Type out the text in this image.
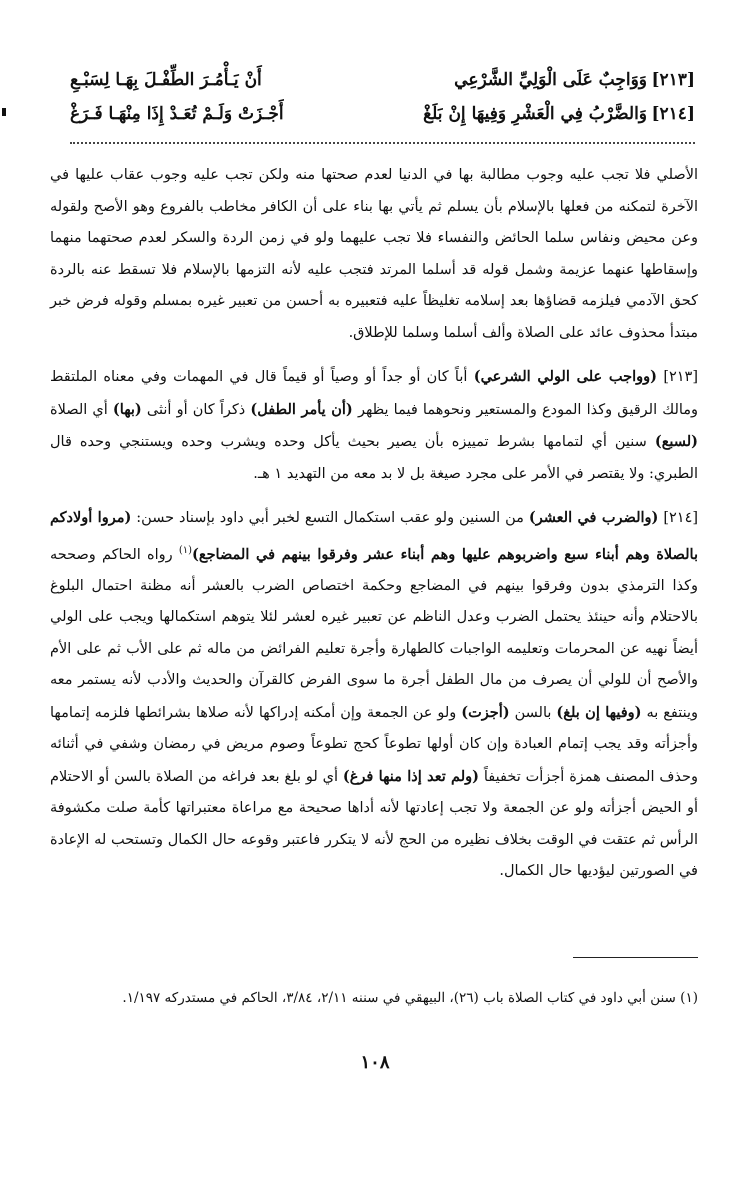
[٢١٣]
وَوَاجِبٌ عَلَى الْوَلِيِّ الشَّرْعِي
أَنْ يَـأْمُـرَ الطِّفْـلَ بِهَـا لِسَبْـعِ
[٢١٤]
وَالضَّرْبُ فِي الْعَشْرِ وَفِيهَا إِنْ بَلَغْ
أَجْـزَتْ وَلَـمْ تُعَـدْ إِذَا مِنْهَـا فَـرَغْ

الأصلي فلا تجب عليه وجوب مطالبة بها في الدنيا لعدم صحتها منه ولكن تجب عليه وجوب عقاب عليها في الآخرة لتمكنه من فعلها بالإسلام بأن يسلم ثم يأتي بها بناء على أن الكافر مخاطب بالفروع وهو الأصح ولقوله وعن محيض ونفاس سلما الحائض والنفساء فلا تجب عليهما ولو في زمن الردة والسكر لعدم صحتهما منهما وإسقاطها عنهما عزيمة وشمل قوله قد أسلما المرتد فتجب عليه لأنه التزمها بالإسلام فلا تسقط عنه بالردة كحق الآدمي فيلزمه قضاؤها بعد إسلامه تغليظاً عليه فتعبيره به أحسن من تعبير غيره بمسلم وقوله فرض خبر مبتدأ محذوف عائد على الصلاة وألف أسلما وسلما للإطلاق.

[٢١٣] (وواجب على الولي الشرعي) أباً كان أو جداً أو وصياً أو قيماً قال في المهمات وفي معناه الملتقط ومالك الرقيق وكذا المودع والمستعير ونحوهما فيما يظهر (أن يأمر الطفل) ذكراً كان أو أنثى (بها) أي الصلاة (لسبع) سنين أي لتمامها بشرط تمييزه بأن يصير بحيث يأكل وحده ويشرب وحده ويستنجي وحده قال الطبري: ولا يقتصر في الأمر على مجرد صيغة بل لا بد معه من التهديد ١ هـ.

[٢١٤] (والضرب في العشر) من السنين ولو عقب استكمال التسع لخبر أبي داود بإسناد حسن: (مروا أولادكم بالصلاة وهم أبناء سبع واضربوهم عليها وهم أبناء عشر وفرقوا بينهم في المضاجع)$^{(١)}$ رواه الحاكم وصححه وكذا الترمذي بدون وفرقوا بينهم في المضاجع وحكمة اختصاص الضرب بالعشر أنه مظنة احتمال البلوغ بالاحتلام وأنه حينئذ يحتمل الضرب وعدل الناظم عن تعبير غيره لعشر لئلا يتوهم استكمالها ويجب على الولي أيضاً نهيه عن المحرمات وتعليمه الواجبات كالطهارة وأجرة تعليم الفرائض من ماله ثم على الأب ثم على الأم والأصح أن للولي أن يصرف من مال الطفل أجرة ما سوى الفرض كالقرآن والحديث والأدب لأنه يستمر معه وينتفع به (وفيها إن بلغ) بالسن (أجزت) ولو عن الجمعة وإن أمكنه إدراكها لأنه صلاها بشرائطها فلزمه إتمامها وأجزأته وقد يجب إتمام العبادة وإن كان أولها تطوعاً كحج تطوعاً وصوم مريض في رمضان وشفي في أثنائه وحذف المصنف همزة أجزأت تخفيفاً (ولم تعد إذا منها فرغ) أي لو بلغ بعد فراغه من الصلاة بالسن أو الاحتلام أو الحيض أجزأته ولو عن الجمعة ولا تجب إعادتها لأنه أداها صحيحة مع مراعاة معتبراتها كأمة صلت مكشوفة الرأس ثم عتقت في الوقت بخلاف نظيره من الحج لأنه لا يتكرر فاعتبر وقوعه حال الكمال وتستحب له الإعادة في الصورتين ليؤديها حال الكمال.

(١) سنن أبي داود في كتاب الصلاة باب (٢٦)، البيهقي في سننه ٢/١١، ٣/٨٤، الحاكم في مستدركه ١/١٩٧.
١٠٨
